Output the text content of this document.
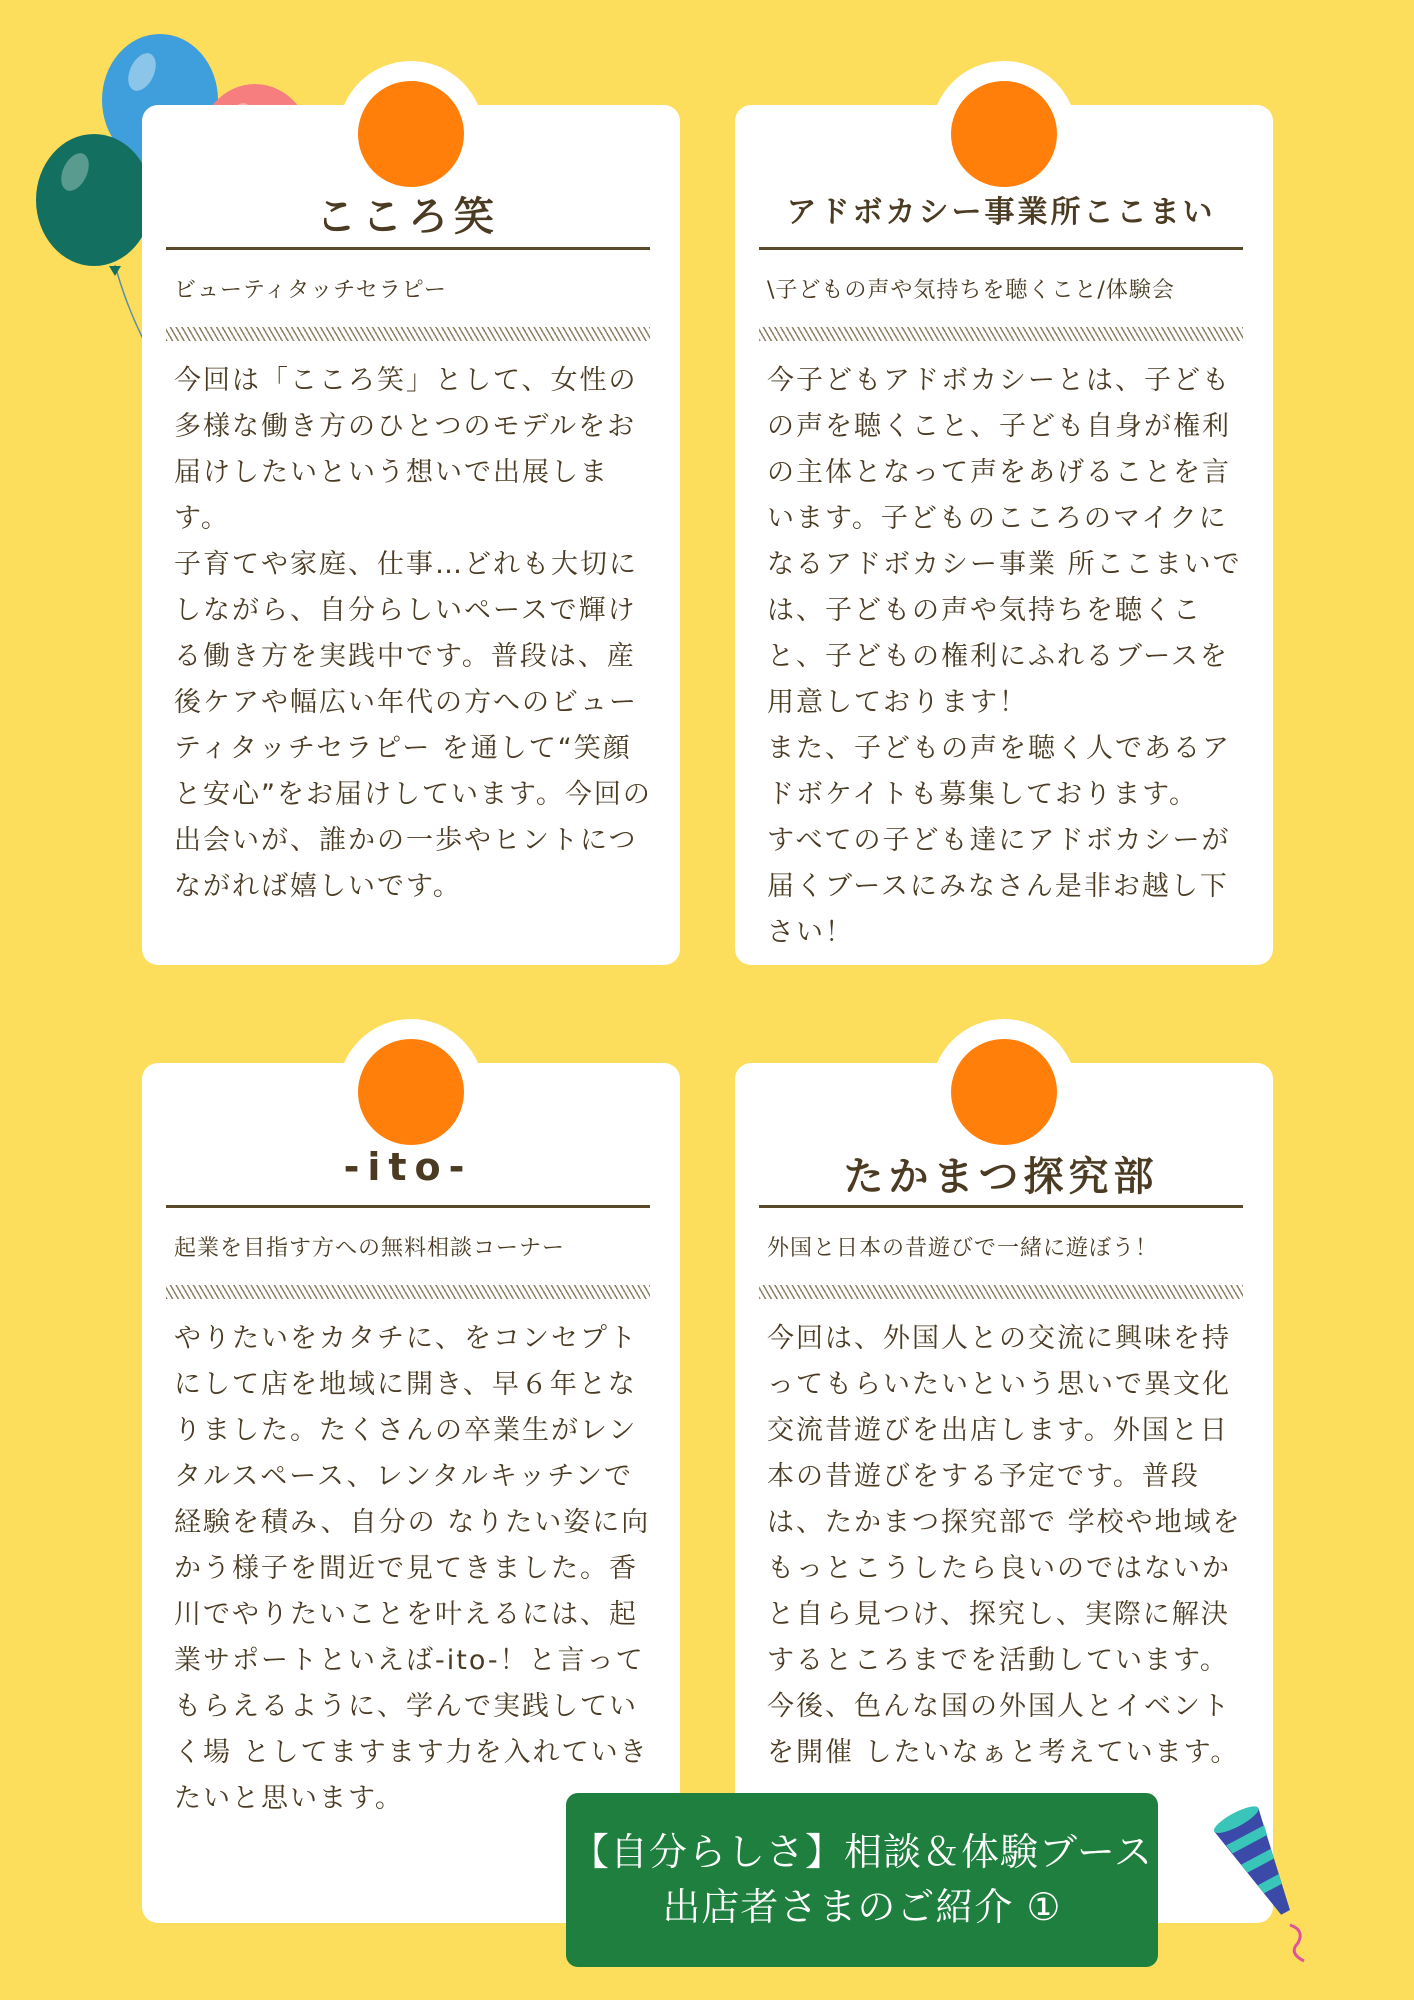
こころ笑
ビューティタッチセラピー

今回は「こころ笑」として、女性の多様な働き方のひとつのモデルをお届けしたいという想いで出展します。

子育てや家庭、仕事…どれも大切にしながら、自分らしいペースで輝ける働き方を実践中です。普段は、産後ケアや幅広い年代の方へのビューティタッチセラピー を通して“笑顔と安心”をお届けしています。今回の出会いが、誰かの一歩やヒントにつながれば嬉しいです。

アドボカシー事業所ここまい
\子どもの声や気持ちを聴くこと/体験会

今子どもアドボカシーとは、子どもの声を聴くこと、子ども自身が権利の主体となって声をあげることを言います。子どものこころのマイクになるアドボカシー事業 所ここまいでは、子どもの声や気持ちを聴くこと、子どもの権利にふれるブースを用意しております！

また、子どもの声を聴く人であるアドボケイトも募集しております。

すべての子ども達にアドボカシーが届くブースにみなさん是非お越し下さい！

-ito-
起業を目指す方への無料相談コーナー

やりたいをカタチに、をコンセプトにして店を地域に開き、早６年となりました。たくさんの卒業生がレンタルスペース、レンタルキッチンで経験を積み、自分の なりたい姿に向かう様子を間近で見てきました。香川でやりたいことを叶えるには、起業サポートといえば-ito-！と言ってもらえるように、学んで実践していく場 としてますます力を入れていきたいと思います。

たかまつ探究部
外国と日本の昔遊びで一緒に遊ぼう！

今回は、外国人との交流に興味を持ってもらいたいという思いで異文化交流昔遊びを出店します。外国と日本の昔遊びをする予定です。普段は、たかまつ探究部で 学校や地域をもっとこうしたら良いのではないかと自ら見つけ、探究し、実際に解決するところまでを活動しています。今後、色んな国の外国人とイベントを開催 したいなぁと考えています。

【自分らしさ】相談＆体験ブース
出店者さまのご紹介 ①
